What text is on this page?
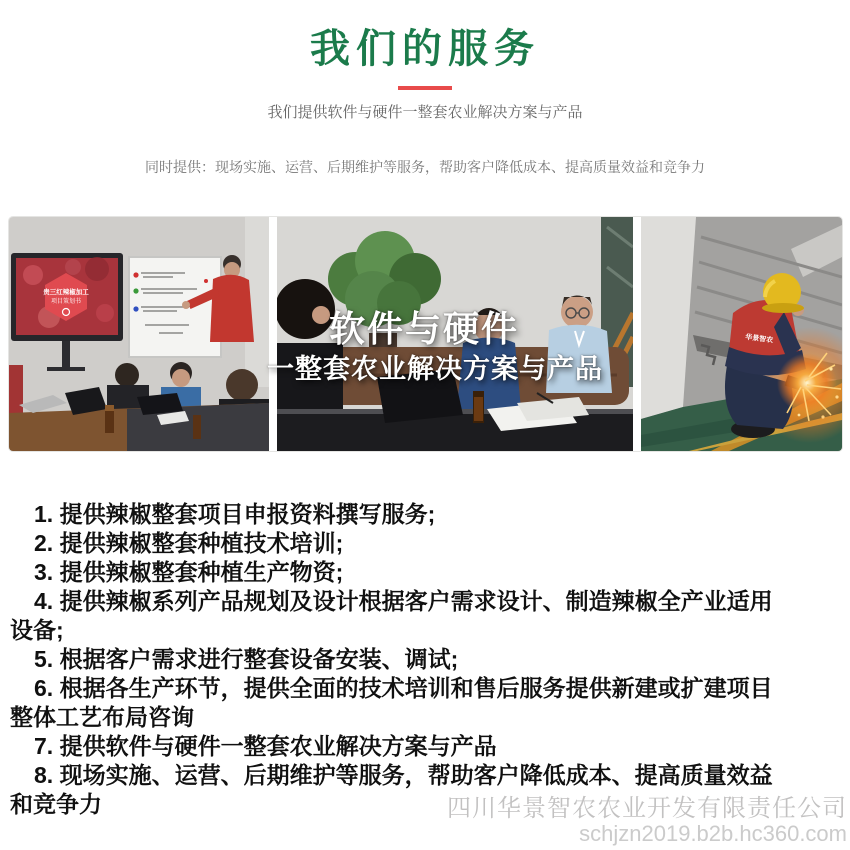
我们的服务

我们提供软件与硬件一整套农业解决方案与产品

同时提供：现场实施、运营、后期维护等服务，帮助客户降低成本、提高质量效益和竞争力

贵三红辣椒加工
项目策划书
华景智农
软件与硬件
一整套农业解决方案与产品
1. 提供辣椒整套项目申报资料撰写服务;
2. 提供辣椒整套种植技术培训;
3. 提供辣椒整套种植生产物资;
4. 提供辣椒系列产品规划及设计根据客户需求设计、制造辣椒全产业适用设备;
5. 根据客户需求进行整套设备安装、调试;
6. 根据各生产环节，提供全面的技术培训和售后服务提供新建或扩建项目整体工艺布局咨询
7. 提供软件与硬件一整套农业解决方案与产品
8. 现场实施、运营、后期维护等服务，帮助客户降低成本、提高质量效益和竞争力	四川华景智农农业开发有限责任公司
schjzn2019.b2b.hc360.com
